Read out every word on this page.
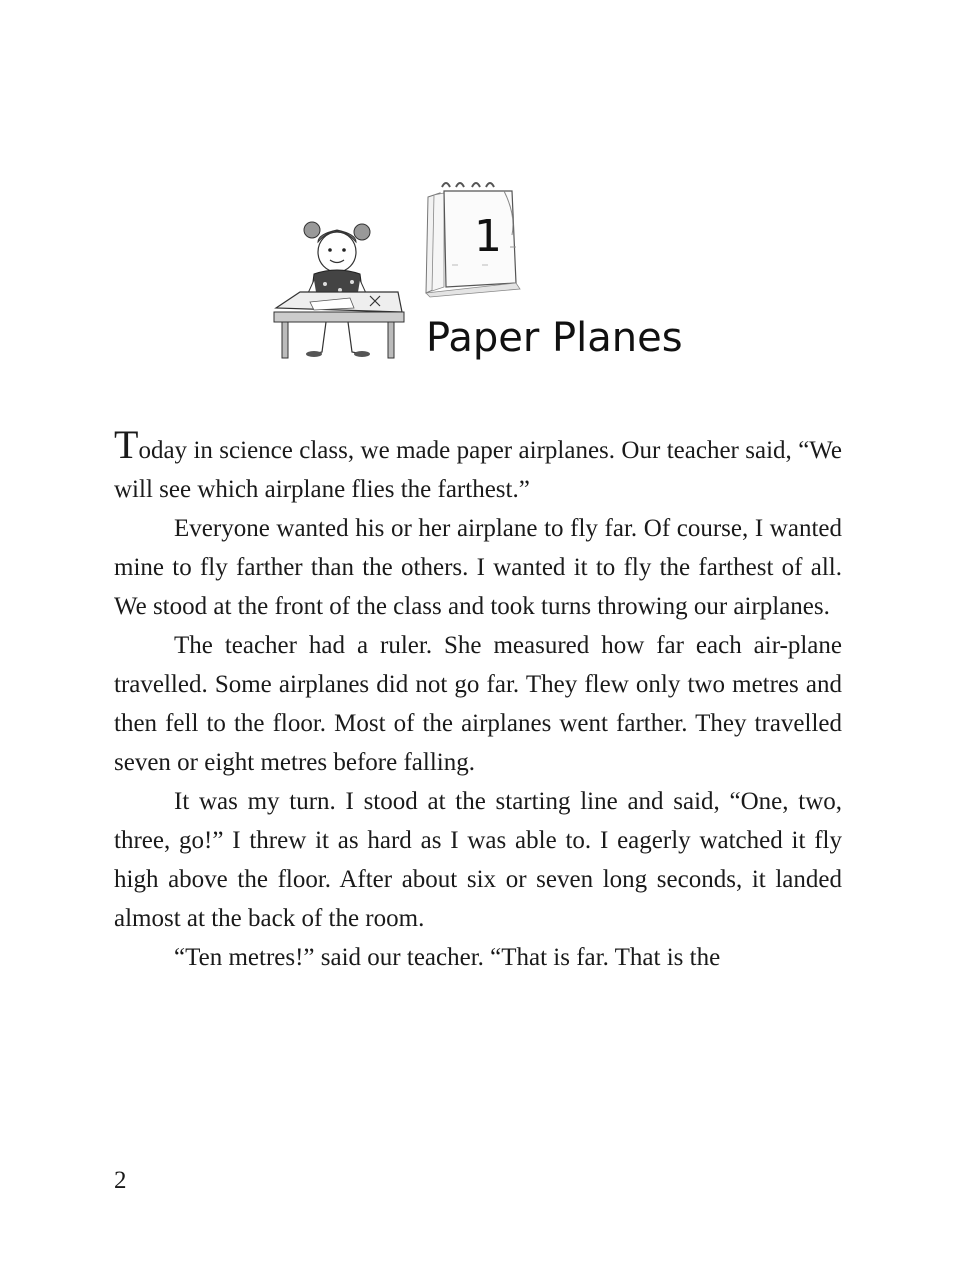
1
Paper Planes

Today in science class, we made paper airplanes. Our teacher said, “We will see which airplane flies the farthest.”

Everyone wanted his or her airplane to fly far. Of course, I wanted mine to fly farther than the others. I wanted it to fly the farthest of all. We stood at the front of the class and took turns throwing our airplanes.

The teacher had a ruler. She measured how far each air-plane travelled. Some airplanes did not go far. They flew only two metres and then fell to the floor. Most of the airplanes went farther. They travelled seven or eight metres before falling.

It was my turn. I stood at the starting line and said, “One, two, three, go!” I threw it as hard as I was able to. I eagerly watched it fly high above the floor. After about six or seven long seconds, it landed almost at the back of the room.

“Ten metres!” said our teacher. “That is far. That is the

2
